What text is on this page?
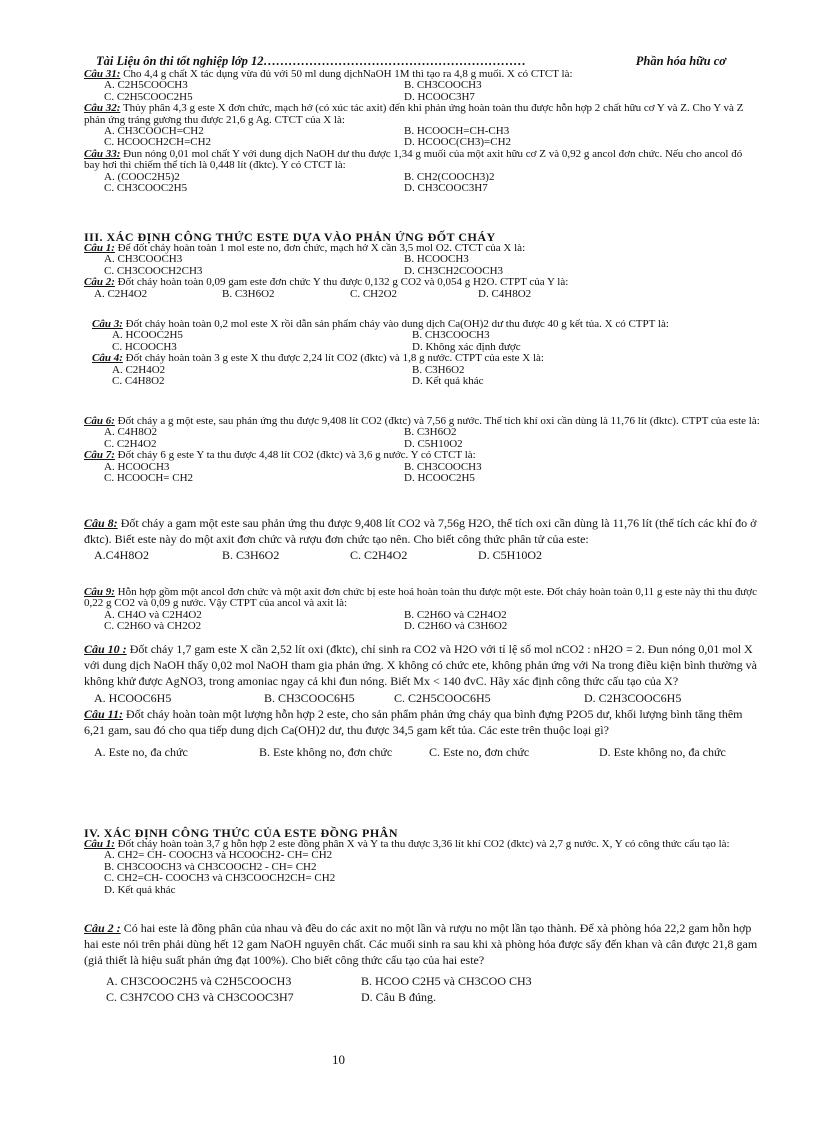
Tài Liệu ôn thi tốt nghiệp lớp 12………………………………………………………	Phần hóa hữu cơ

Câu 31: Cho 4,4 g chất X tác dụng vừa đủ với 50 ml dung dịchNaOH 1M thì tạo ra 4,8 g muối. X có CTCT là:

A. C2H5COOCH3	B. CH3COOCH3
C. C2H5COOC2H5	D. HCOOC3H7

Câu 32: Thủy phân 4,3 g este X đơn chức, mạch hở (có xúc tác axit) đến khi phản ứng hoàn toàn thu được hỗn hợp 2 chất hữu cơ Y và Z. Cho Y và Z phản ứng tráng gương thu được 21,6 g Ag. CTCT của X là:

A. CH3COOCH=CH2	B. HCOOCH=CH-CH3
C. HCOOCH2CH=CH2	D. HCOOC(CH3)=CH2

Câu 33: Đun nóng 0,01 mol chất Y với dung dịch NaOH dư thu được 1,34 g muối của một axit hữu cơ Z và 0,92 g ancol đơn chức. Nếu cho ancol đó bay hơi thì chiếm thể tích là 0,448 lít (đktc). Y có CTCT là:

A. (COOC2H5)2	B. CH2(COOCH3)2
C. CH3COOC2H5	D. CH3COOC3H7
III. XÁC ĐỊNH CÔNG THỨC ESTE DỰA VÀO PHẢN ỨNG ĐỐT CHÁY

Câu 1: Để đốt cháy hoàn toàn 1 mol este no, đơn chức, mạch hở X cần 3,5 mol O2. CTCT của X là:

A. CH3COOCH3	B. HCOOCH3
C. CH3COOCH2CH3	D. CH3CH2COOCH3

Câu 2: Đốt cháy hoàn toàn 0,09 gam este đơn chức Y thu được 0,132 g CO2 và 0,054 g H2O. CTPT của Y là:

A. C2H4O2	B. C3H6O2	C. CH2O2	D. C4H8O2

Câu 3: Đốt cháy hoàn toàn 0,2 mol este X rồi dẫn sản phẩm cháy vào dung dịch Ca(OH)2 dư thu được 40 g kết tủa. X có CTPT là:

A. HCOOC2H5	B. CH3COOCH3
C. HCOOCH3	D. Không xác định được

Câu 4: Đốt cháy hoàn toàn 3 g este X thu được 2,24 lít CO2 (đktc) và 1,8 g nước. CTPT của este X là:

A. C2H4O2	B. C3H6O2
C. C4H8O2	D. Kết quả khác

Câu 6: Đốt cháy a g một este, sau phản ứng thu được 9,408 lít CO2 (đktc) và 7,56 g nước. Thể tích khí oxi cần dùng là 11,76 lít (đktc). CTPT của este là:

A. C4H8O2	B. C3H6O2
C. C2H4O2	D. C5H10O2

Câu 7: Đốt cháy 6 g este Y ta thu được 4,48 lít CO2 (đktc) và 3,6 g nước. Y có CTCT là:

A. HCOOCH3	B. CH3COOCH3
C. HCOOCH= CH2	D. HCOOC2H5

Câu 8: Đốt cháy a gam một este sau phản ứng thu được 9,408 lít CO2 và 7,56g H2O, thể tích oxi cần dùng là 11,76 lít (thể tích các khí đo ở đktc). Biết este này do một axit đơn chức và rượu đơn chức tạo nên. Cho biết công thức phân tử của este:

A.C4H8O2	B. C3H6O2	C. C2H4O2	D. C5H10O2

Câu 9: Hỗn hợp gồm một ancol đơn chức và một axit đơn chức bị este hoá hoàn toàn thu được một este. Đốt cháy hoàn toàn 0,11 g este này thì thu được 0,22 g CO2 và 0,09 g nước. Vậy CTPT của ancol và axit là:

A. CH4O và C2H4O2	B. C2H6O và C2H4O2
C. C2H6O và CH2O2	D. C2H6O và C3H6O2

Câu 10 : Đốt cháy 1,7 gam este X cần 2,52 lít oxi (đktc), chỉ sinh ra CO2 và H2O với tỉ lệ số mol nCO2 : nH2O = 2. Đun nóng 0,01 mol X với dung dịch NaOH thấy 0,02 mol NaOH tham gia phản ứng. X không có chức ete, không phản ứng với Na trong điều kiện bình thường và không khử được AgNO3, trong amoniac ngay cả khi đun nóng. Biết Mx < 140 đvC. Hãy xác định công thức cấu tạo của X?

A. HCOOC6H5	B. CH3COOC6H5	C. C2H5COOC6H5	D. C2H3COOC6H5

Câu 11: Đốt cháy hoàn toàn một lượng hỗn hợp 2 este, cho sản phẩm phản ứng cháy qua bình đựng P2O5 dư, khối lượng bình tăng thêm 6,21 gam, sau đó cho qua tiếp dung dịch Ca(OH)2 dư, thu được 34,5 gam kết tủa. Các este trên thuộc loại gì?

A. Este no, đa chức	B. Este không no, đơn chức	C. Este no, đơn chức	D. Este không no, đa chức
IV. XÁC ĐỊNH CÔNG THỨC CỦA ESTE ĐỒNG PHÂN

Câu 1: Đốt cháy hoàn toàn 3,7 g hỗn hợp 2 este đồng phân X và Y ta thu được 3,36 lít khí CO2 (đktc) và 2,7 g nước. X, Y có công thức cấu tạo là:

A. CH2= CH- COOCH3 và HCOOCH2- CH= CH2
B. CH3COOCH3 và CH3COOCH2 - CH= CH2
C. CH2=CH- COOCH3 và CH3COOCH2CH= CH2
D. Kết quả khác

Câu 2 : Có hai este là đồng phân của nhau và đều do các axit no một lần và rượu no một lần tạo thành. Để xà phòng hóa 22,2 gam hỗn hợp hai este nói trên phải dùng hết 12 gam NaOH nguyên chất. Các muối sinh ra sau khi xà phòng hóa được sấy đến khan và cân được 21,8 gam (giả thiết là hiệu suất phản ứng đạt 100%). Cho biết công thức cấu tạo của hai este?

A. CH3COOC2H5 và C2H5COOCH3	B. HCOO C2H5 và CH3COO CH3
C. C3H7COO CH3 và CH3COOC3H7	D. Câu B đúng.
10
